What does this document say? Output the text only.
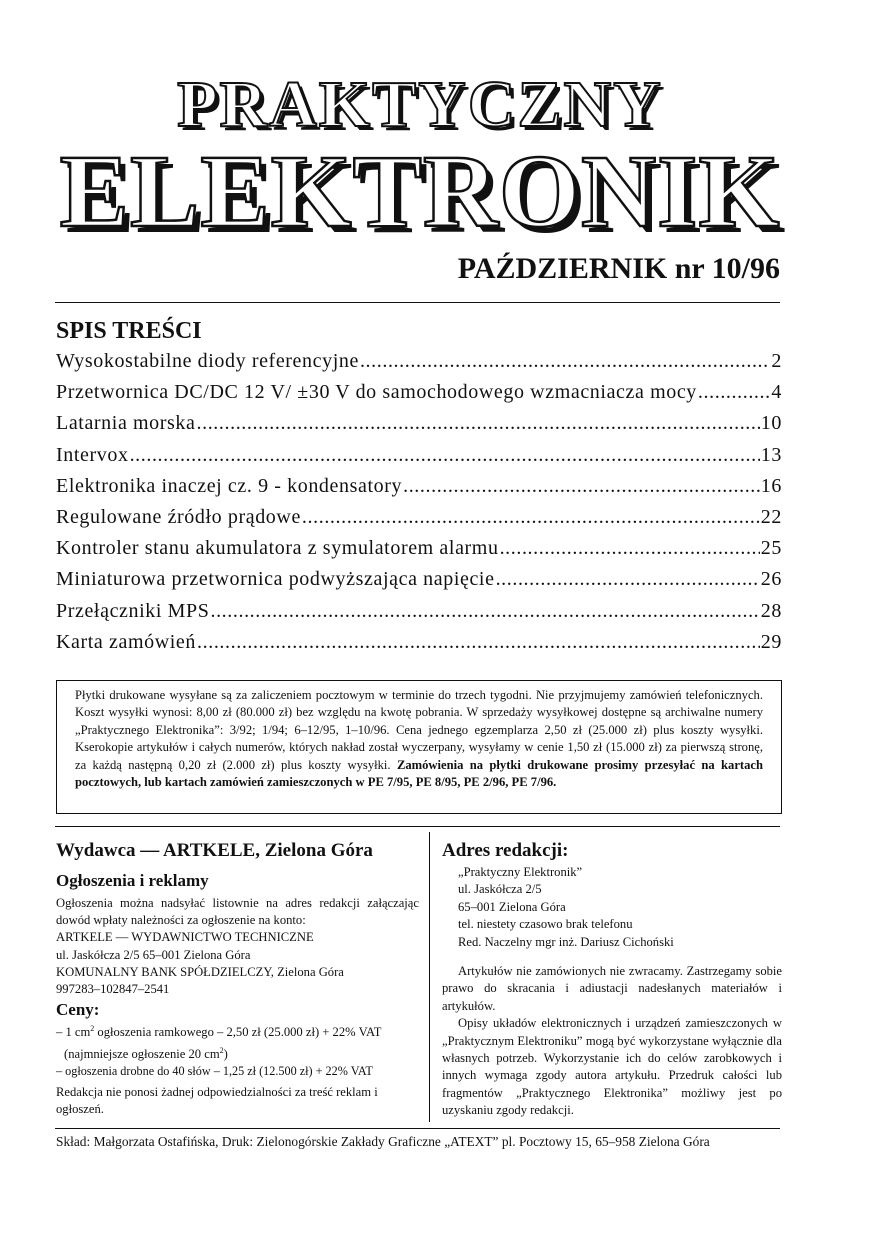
PRAKTYCZNY
ELEKTRONIK
PAŹDZIERNIK nr 10/96
SPIS TREŚCI
Wysokostabilne diody referencyjne .....	2
Przetwornica DC/DC 12 V/ ±30 V do samochodowego wzmacniacza mocy .....	4
Latarnia morska .....	10
Intervox .....	13
Elektronika inaczej cz. 9 - kondensatory .....	16
Regulowane źródło prądowe .....	22
Kontroler stanu akumulatora z symulatorem alarmu .....	25
Miniaturowa przetwornica podwyższająca napięcie .....	26
Przełączniki MPS .....	28
Karta zamówień .....	29
Płytki drukowane wysyłane są za zaliczeniem pocztowym w terminie do trzech tygodni. Nie przyjmujemy zamówień telefonicznych. Koszt wysyłki wynosi: 8,00 zł (80.000 zł) bez względu na kwotę pobrania. W sprzedaży wysyłkowej dostępne są archiwalne numery „Praktycznego Elektronika”: 3/92; 1/94; 6–12/95, 1–10/96. Cena jednego egzemplarza 2,50 zł (25.000 zł) plus koszty wysyłki. Kserokopie artykułów i całych numerów, których nakład został wyczerpany, wysyłamy w cenie 1,50 zł (15.000 zł) za pierwszą stronę, za każdą następną 0,20 zł (2.000 zł) plus koszty wysyłki. Zamówienia na płytki drukowane prosimy przesyłać na kartach pocztowych, lub kartach zamówień zamieszczonych w PE 7/95, PE 8/95, PE 2/96, PE 7/96.
Wydawca — ARTKELE, Zielona Góra
Ogłoszenia i reklamy
Ogłoszenia można nadsyłać listownie na adres redakcji załączając dowód wpłaty należności za ogłoszenie na konto:
ARTKELE — WYDAWNICTWO TECHNICZNE
ul. Jaskółcza 2/5 65–001 Zielona Góra
KOMUNALNY BANK SPÓŁDZIELCZY, Zielona Góra
997283–102847–2541
Ceny:
– 1 $cm^2$ ogłoszenia ramkowego – 2,50 zł (25.000 zł) + 22% VAT
(najmniejsze ogłoszenie 20 $cm^2$)
– ogłoszenia drobne do 40 słów – 1,25 zł (12.500 zł) + 22% VAT
Redakcja nie ponosi żadnej odpowiedzialności za treść reklam i ogłoszeń.
Adres redakcji:
„Praktyczny Elektronik”
ul. Jaskółcza 2/5
65–001 Zielona Góra
tel. niestety czasowo brak telefonu
Red. Naczelny mgr inż. Dariusz Cichoński
Artykułów nie zamówionych nie zwracamy. Zastrzegamy sobie prawo do skracania i adiustacji nadesłanych materiałów i artykułów.
Opisy układów elektronicznych i urządzeń zamieszczonych w „Praktycznym Elektroniku” mogą być wykorzystane wyłącznie dla własnych potrzeb. Wykorzystanie ich do celów zarobkowych i innych wymaga zgody autora artykułu. Przedruk całości lub fragmentów „Praktycznego Elektronika” możliwy jest po uzyskaniu zgody redakcji.
Skład: Małgorzata Ostafińska, Druk: Zielonogórskie Zakłady Graficzne „ATEXT” pl. Pocztowy 15, 65–958 Zielona Góra
